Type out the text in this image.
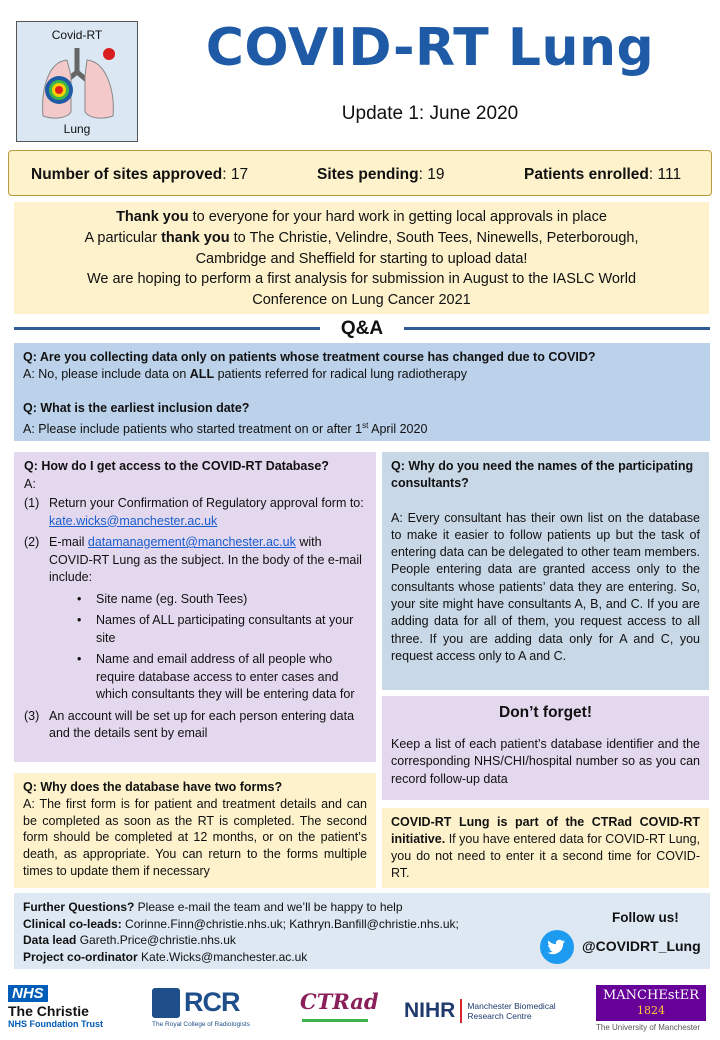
Covid-RT
Lung
COVID-RT Lung
Update 1: June 2020
Number of sites approved: 17	Sites pending: 19	Patients enrolled: 111
Thank you to everyone for your hard work in getting local approvals in place
A particular thank you to The Christie, Velindre, South Tees, Ninewells, Peterborough,
Cambridge and Sheffield for starting to upload data!
We are hoping to perform a first analysis for submission in August to the IASLC World
Conference on Lung Cancer 2021
Q&A
Q: Are you collecting data only on patients whose treatment course has changed due to COVID?
A: No, please include data on ALL patients referred for radical lung radiotherapy
Q: What is the earliest inclusion date?
A: Please include patients who started treatment on or after 1st April 2020
Q: How do I get access to the COVID-RT Database?
A:
(1) Return your Confirmation of Regulatory approval form to: kate.wicks@manchester.ac.uk
(2) E-mail datamanagement@manchester.ac.uk with COVID-RT Lung as the subject. In the body of the e-mail include:
• Site name (eg. South Tees)
• Names of ALL participating consultants at your site
• Name and email address of all people who require database access to enter cases and which consultants they will be entering data for
(3) An account will be set up for each person entering data and the details sent by email
Q: Why do you need the names of the participating consultants?
A: Every consultant has their own list on the database to make it easier to follow patients up but the task of entering data can be delegated to other team members. People entering data are granted access only to the consultants whose patients’ data they are entering. So, your site might have consultants A, B, and C. If you are adding data for all of them, you request access to all three. If you are adding data only for A and C, you request access only to A and C.
Don’t forget!
Keep a list of each patient’s database identifier and the corresponding NHS/CHI/hospital number so as you can record follow-up data
Q: Why does the database have two forms?
A: The first form is for patient and treatment details and can be completed as soon as the RT is completed. The second form should be completed at 12 months, or on the patient’s death, as appropriate. You can return to the forms multiple times to update them if necessary
COVID-RT Lung is part of the CTRad COVID-RT initiative. If you have entered data for COVID-RT Lung, you do not need to enter it a second time for COVID-RT.
Further Questions? Please e-mail the team and we’ll be happy to help
Clinical co-leads: Corinne.Finn@christie.nhs.uk; Kathryn.Banfill@christie.nhs.uk;
Data lead Gareth.Price@christie.nhs.uk
Project co-ordinator Kate.Wicks@manchester.ac.uk
Follow us!
@COVIDRT_Lung
NHS
The Christie
NHS Foundation Trust
RCR
The Royal College of Radiologists
CTRad NIHR Manchester Biomedical
Research Centre
MANCHEstER
1824
The University of Manchester
